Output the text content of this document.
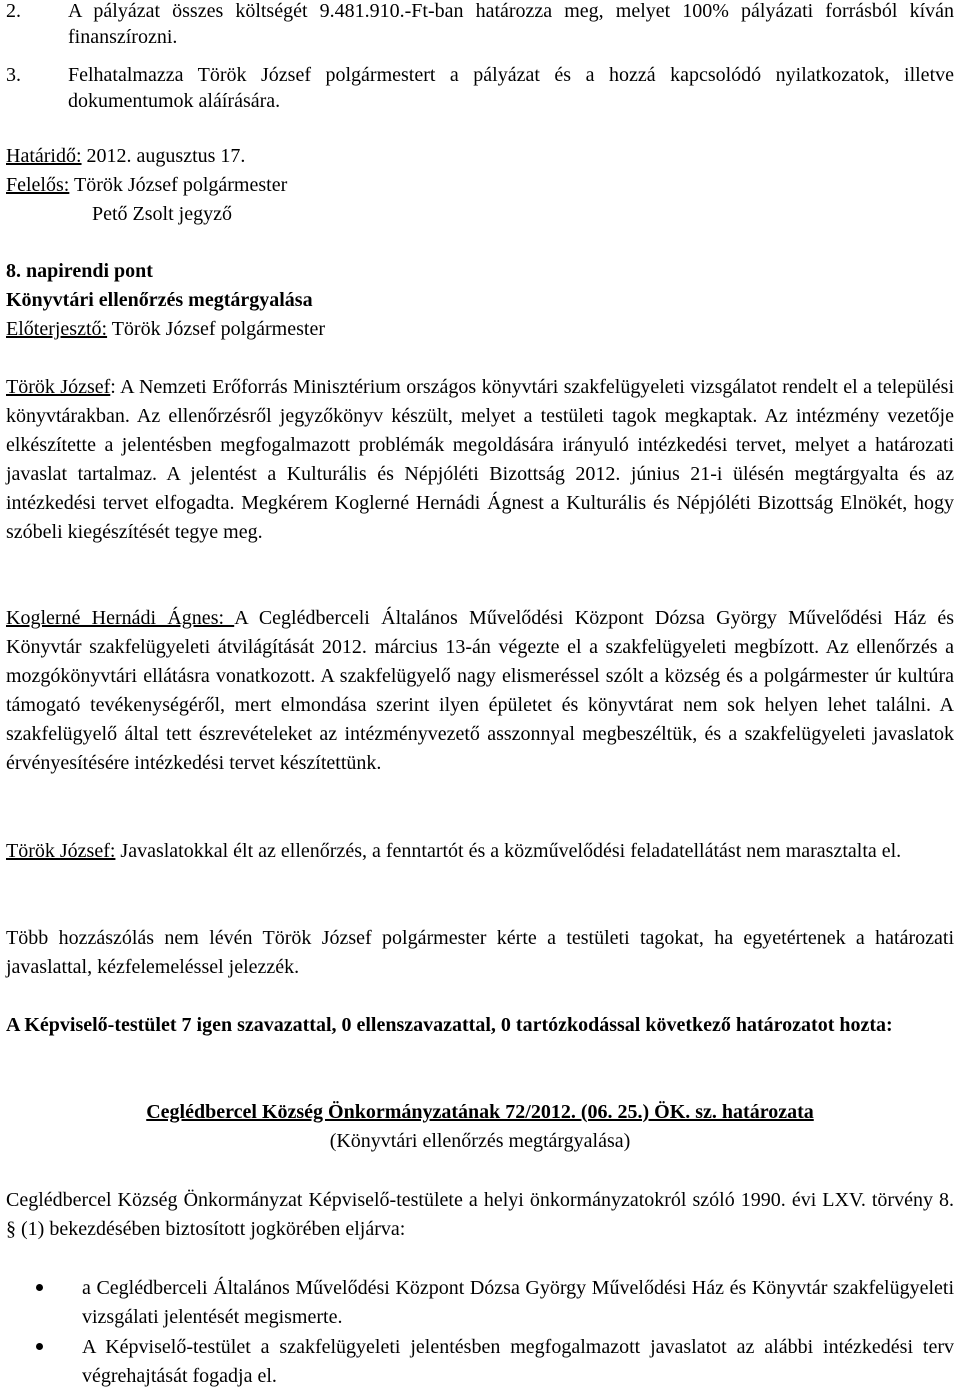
2.	A pályázat összes költségét 9.481.910.-Ft-ban határozza meg, melyet 100% pályázati forrásból kíván finanszírozni.
3.	Felhatalmazza Török József polgármestert a pályázat és a hozzá kapcsolódó nyilatkozatok, illetve dokumentumok aláírására.
Határidő: 2012. augusztus 17.
Felelős: Török József polgármester
Pető Zsolt jegyző
8. napirendi pont
Könyvtári ellenőrzés megtárgyalása
Előterjesztő: Török József polgármester

Török József: A Nemzeti Erőforrás Minisztérium országos könyvtári szakfelügyeleti vizsgálatot rendelt el a települési könyvtárakban. Az ellenőrzésről jegyzőkönyv készült, melyet a testületi tagok megkaptak. Az intézmény vezetője elkészítette a jelentésben megfogalmazott problémák megoldására irányuló intézkedési tervet, melyet a határozati javaslat tartalmaz. A jelentést a Kulturális és Népjóléti Bizottság 2012. június 21-i ülésén megtárgyalta és az intézkedési tervet elfogadta. Megkérem Koglerné Hernádi Ágnest a Kulturális és Népjóléti Bizottság Elnökét, hogy szóbeli kiegészítését tegye meg.

Koglerné Hernádi Ágnes: A Ceglédberceli Általános Művelődési Központ Dózsa György Művelődési Ház és Könyvtár szakfelügyeleti átvilágítását 2012. március 13-án végezte el a szakfelügyeleti megbízott. Az ellenőrzés a mozgókönyvtári ellátásra vonatkozott. A szakfelügyelő nagy elismeréssel szólt a község és a polgármester úr kultúra támogató tevékenységéről, mert elmondása szerint ilyen épületet és könyvtárat nem sok helyen lehet találni. A szakfelügyelő által tett észrevételeket az intézményvezető asszonnyal megbeszéltük, és a szakfelügyeleti javaslatok érvényesítésére intézkedési tervet készítettünk.

Török József: Javaslatokkal élt az ellenőrzés, a fenntartót és a közművelődési feladatellátást nem marasztalta el.

Több hozzászólás nem lévén Török József polgármester kérte a testületi tagokat, ha egyetértenek a határozati javaslattal, kézfelemeléssel jelezzék.

A Képviselő-testület 7 igen szavazattal, 0 ellenszavazattal, 0 tartózkodással következő határozatot hozta:

Ceglédbercel Község Önkormányzatának 72/2012. (06. 25.) ÖK. sz. határozata
(Könyvtári ellenőrzés megtárgyalása)

Ceglédbercel Község Önkormányzat Képviselő-testülete a helyi önkormányzatokról szóló 1990. évi LXV. törvény 8. § (1) bekezdésében biztosított jogkörében eljárva:

a Ceglédberceli Általános Művelődési Központ Dózsa György Művelődési Ház és Könyvtár szakfelügyeleti vizsgálati jelentését megismerte.
A Képviselő-testület a szakfelügyeleti jelentésben megfogalmazott javaslatot az alábbi intézkedési terv végrehajtását fogadja el.
